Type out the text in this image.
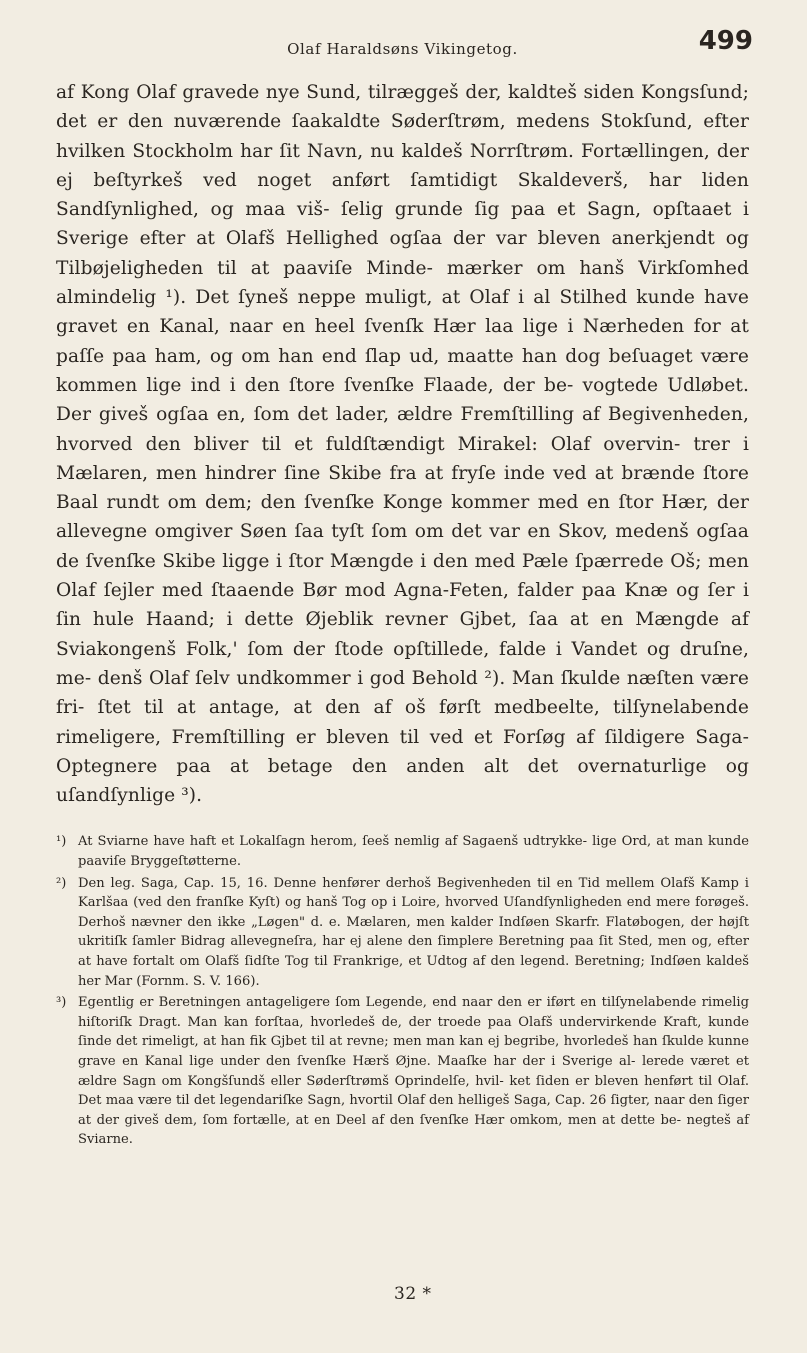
Olaf Haraldsøns Vikingetog.	499

af Kong Olaf gravede nye Sund, tilræggeš der, kaldteš siden Kongsſund; det er den nuværende ſaakaldte Søderſtrøm, medens Stokſund, efter hvilken Stockholm har ſit Navn, nu kaldeš Norrſtrøm. Fortællingen, der ej beſtyrkeš ved noget anført ſamtidigt Skaldeverš, har liden Sandſynlighed, og maa viš- ſelig grunde ſig paa et Sagn, opſtaaet i Sverige efter at Olafš Hellighed ogſaa der var bleven anerkjendt og Tilbøjeligheden til at paaviſe Minde- mærker om hanš Virkſomhed almindelig ¹). Det ſyneš neppe muligt, at Olaf i al Stilhed kunde have gravet en Kanal, naar en heel ſvenſk Hær laa lige i Nærheden for at paſſe paa ham, og om han end ſlap ud, maatte han dog beſuaget være kommen lige ind i den ſtore ſvenſke Flaade, der be- vogtede Udløbet. Der giveš ogſaa en, ſom det lader, ældre Fremſtilling af Begivenheden, hvorved den bliver til et fuldſtændigt Mirakel: Olaf overvin- trer i Mælaren, men hindrer ſine Skibe fra at fryſe inde ved at brænde ſtore Baal rundt om dem; den ſvenſke Konge kommer med en ſtor Hær, der alleveɡne omgiver Søen ſaa tyſt ſom om det var en Skov, medenš ogſaa de ſvenſke Skibe ligge i ſtor Mængde i den med Pæle ſpærrede Oš; men Olaf ſejler med ſtaaende Bør mod Agna-Feten, falder paa Knæ og ſer i ſin hule Haand; i dette Øjeblik revner Gjbet, ſaa at en Mængde af Sviakongenš Folk,' ſom der ſtode opſtillede, falde i Vandet og druſne, me- denš Olaf ſelv undkommer i god Behold ²). Man ſkulde næſten være fri- ſtet til at antage, at den af oš førſt medbeelte, tilſynelabende rimeligere, Fremſtilling er bleven til ved et Forſøg af ſildigere Saga-Optegnere paa at betage den anden alt det overnaturlige og uſandſynlige ³).

¹) At Sviarne have haft et Lokalſagn herom, ſeeš nemlig af Sagaenš udtrykke- lige Ord, at man kunde paaviſe Bryggeſtøtterne.

²) Den leg. Saga, Cap. 15, 16. Denne henfører derhoš Begivenheden til en Tid mellem Olafš Kamp i Karlšaa (ved den franſke Kyſt) og hanš Tog op i Loire, hvorved Uſandſynligheden end mere forøgeš. Derhoš nævner den ikke „Løgen" d. e. Mælaren, men kalder Indſøen Skarfr. Flatøbogen, der højſt ukritiſk ſamler Bidrag alleveɡneſra, har ej alene den ſimplere Beretning paa ſit Sted, men og, efter at have fortalt om Olafš ſidſte Tog til Frankrige, et Udtog af den legend. Beretning; Indſøen kaldeš her Mar (Fornm. S. V. 166).

³) Egentlig er Beretningen antageligere ſom Legende, end naar den er iført en tilſynelabende rimelig hiſtoriſk Dragt. Man kan forſtaa, hvorledeš de, der troede paa Olafš undervirkende Kraft, kunde ſinde det rimeligt, at han fik Gjbet til at revne; men man kan ej begribe, hvorledeš han ſkulde kunne grave en Kanal lige under den ſvenſke Hærš Øjne. Maaſke har der i Sverige al- lerede været et ældre Sagn om Kongšſundš eller Søderſtrømš Oprindelſe, hvil- ket ſiden er bleven henført til Olaf. Det maa være til det legendariſke Sagn, hvortil Olaf den helligeš Saga, Cap. 26 ſigter, naar den ſiger at der giveš dem, ſom fortælle, at en Deel af den ſvenſke Hær omkom, men at dette be- negteš af Sviarne.

32 *
